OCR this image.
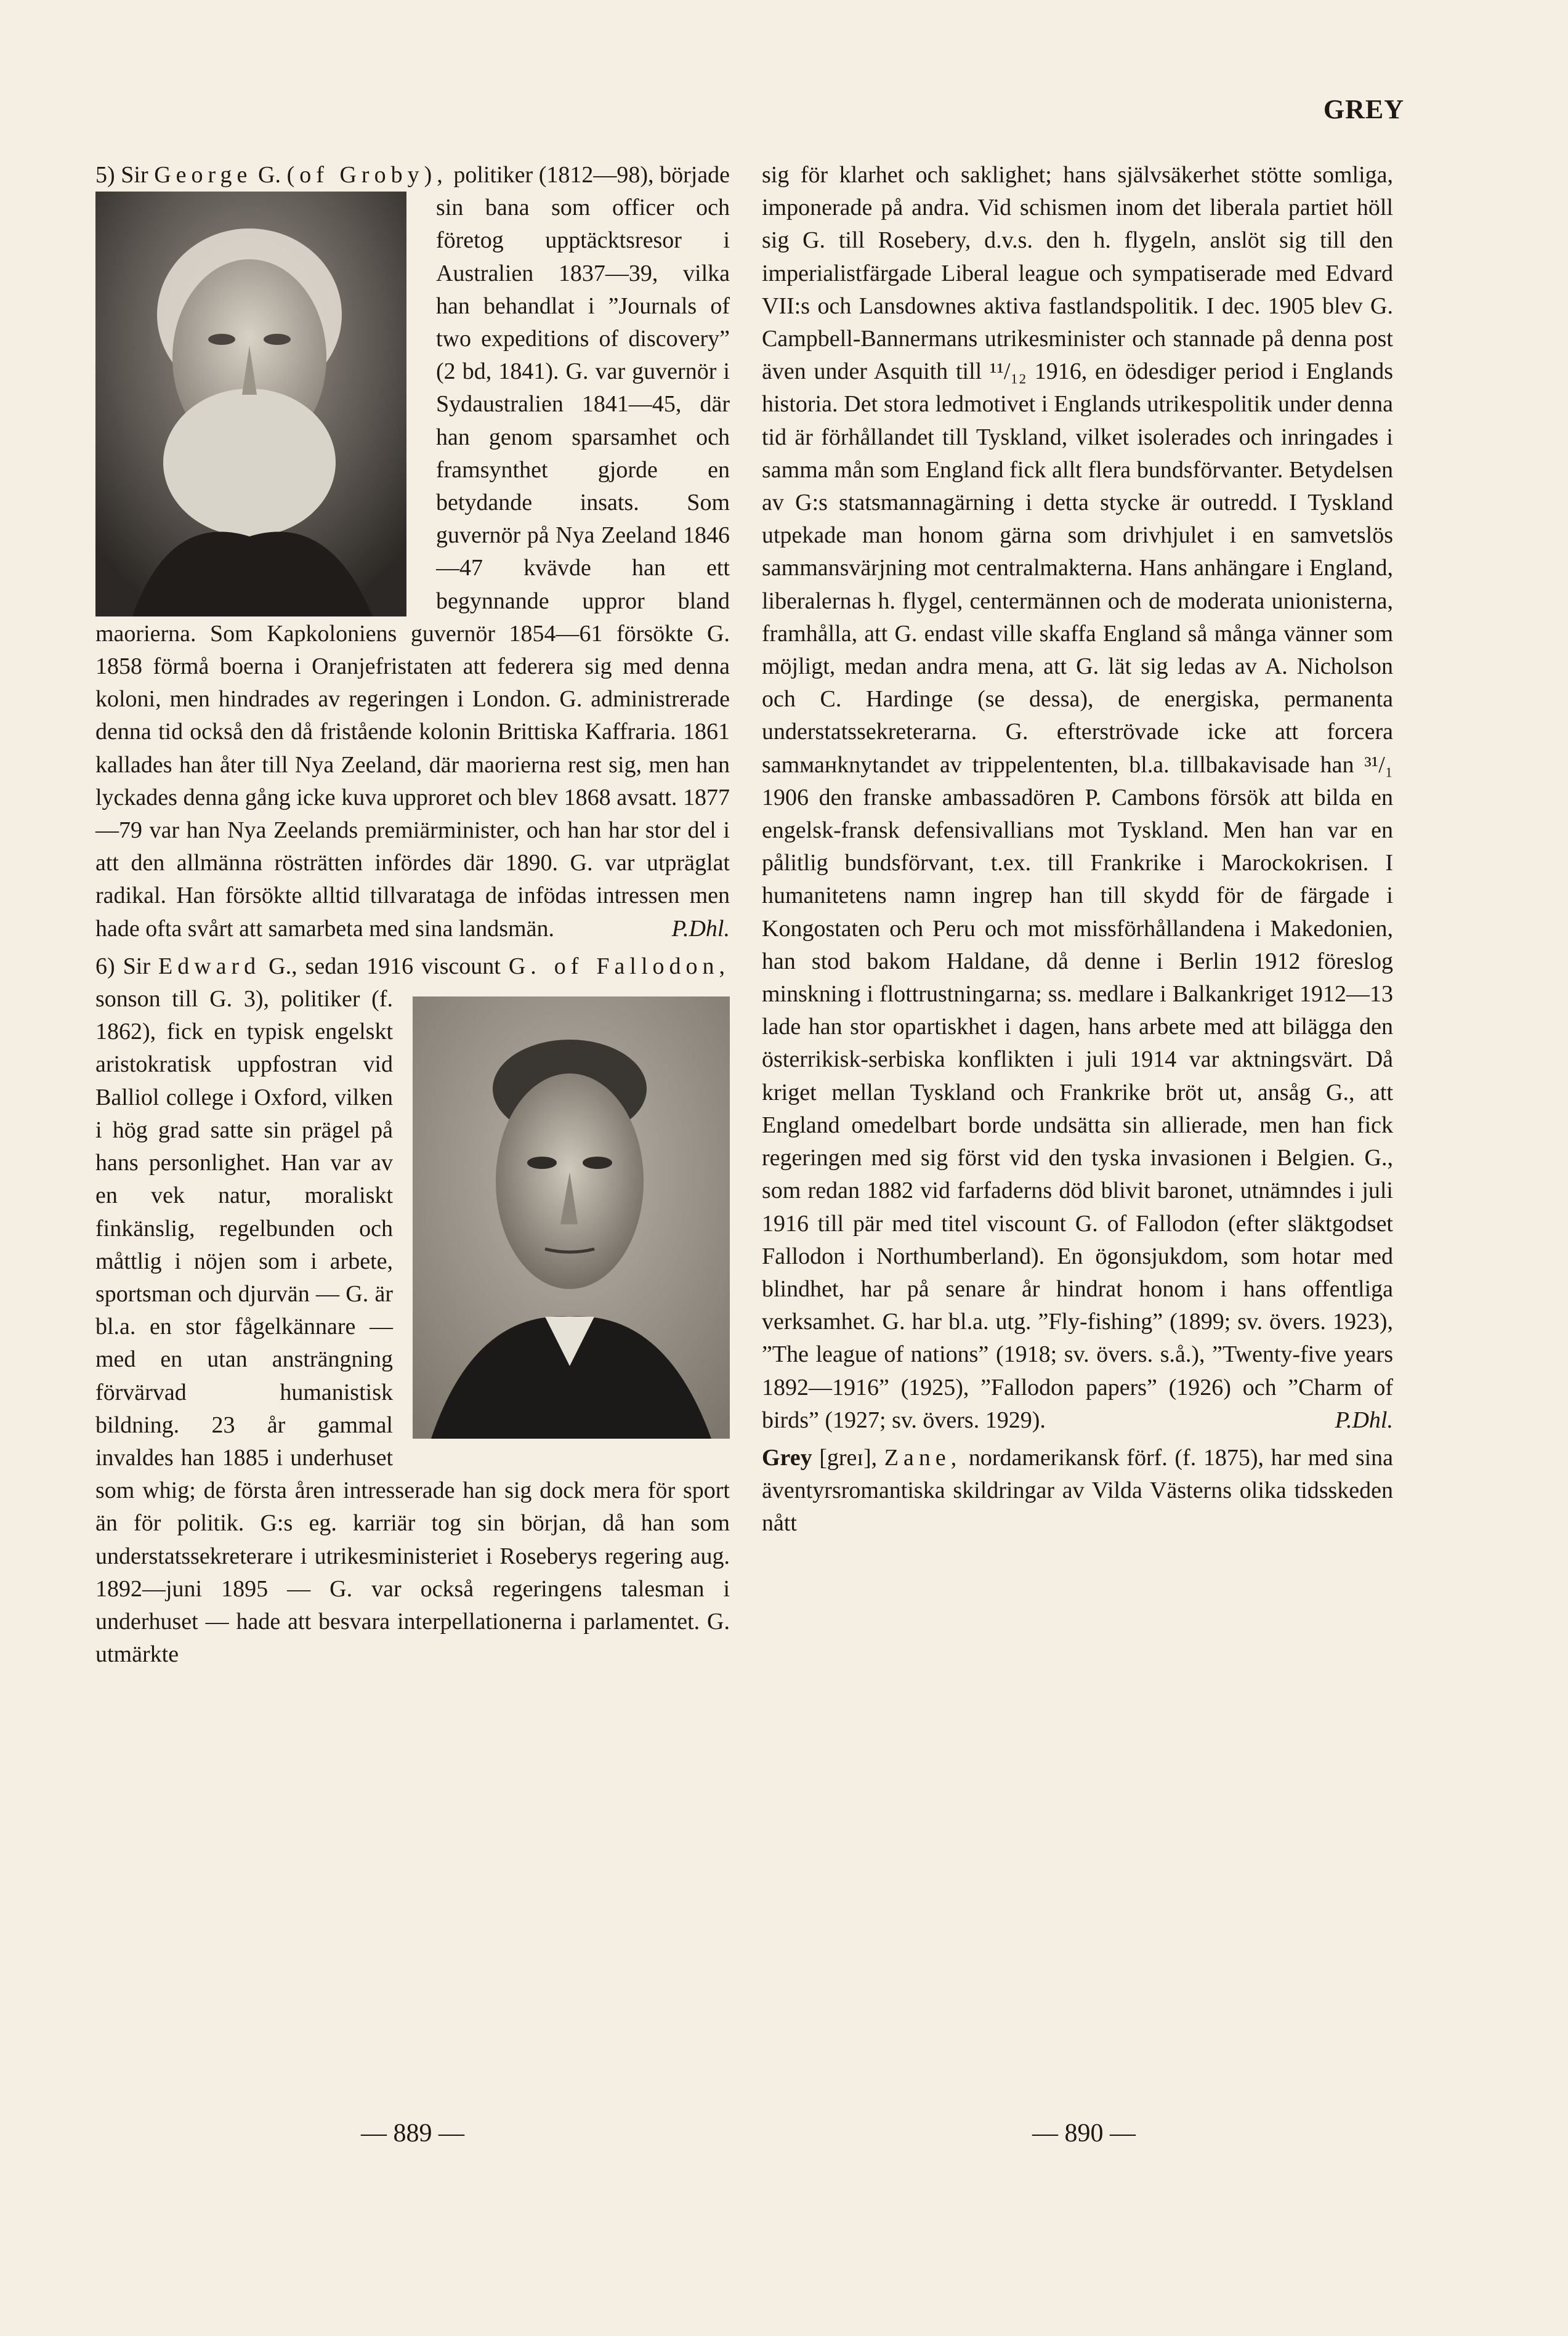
GREY

5) Sir George G. (of Groby), politiker (1812—98), började sin bana som officer och företog upptäcktsresor i Australien 1837—39, vilka han behandlat i ”Journals of two expeditions of discovery” (2 bd, 1841). G. var guvernör i Sydaustralien 1841—45, där han genom sparsamhet och framsynthet gjorde en betydande insats. Som guvernör på Nya Zeeland 1846—47 kvävde han ett begynnande uppror bland maorierna. Som Kapkoloniens guvernör 1854—61 försökte G. 1858 förmå boerna i Oranjefristaten att federera sig med denna koloni, men hindrades av regeringen i London. G. administrerade denna tid också den då fristående kolonin Brittiska Kaffraria. 1861 kallades han åter till Nya Zeeland, där maorierna rest sig, men han lyckades denna gång icke kuva upproret och blev 1868 avsatt. 1877—79 var han Nya Zeelands premiärminister, och han har stor del i att den allmänna rösträtten infördes där 1890. G. var utpräglat radikal. Han försökte alltid tillvarataga de infödas intressen men hade ofta svårt att samarbeta med sina landsmän.	P.Dhl.

6) Sir Edward G., sedan 1916 viscount G. of Fallodon,
sonson till G. 3), politiker (f. 1862), fick en typisk engelskt aristokratisk uppfostran vid Balliol college i Oxford, vilken i hög grad satte sin prägel på hans personlighet. Han var av en vek natur, moraliskt finkänslig, regelbunden och måttlig i nöjen som i arbete, sportsman och djurvän — G. är bl.a. en stor fågelkännare — med en utan ansträngning förvärvad humanistisk bildning. 23 år gammal invaldes han 1885 i underhuset som whig; de första åren intresserade han sig dock mera för sport än för politik. G:s eg. karriär tog sin början, då han som understatssekreterare i utrikesministeriet i Roseberys regering aug. 1892—juni 1895 — G. var också regeringens talesman i underhuset — hade att besvara interpellationerna i parlamentet. G. utmärkte

sig för klarhet och saklighet; hans självsäkerhet stötte somliga, imponerade på andra. Vid schismen inom det liberala partiet höll sig G. till Rosebery, d.v.s. den h. flygeln, anslöt sig till den imperialistfärgade Liberal league och sympatiserade med Edvard VII:s och Lansdownes aktiva fastlandspolitik. I dec. 1905 blev G. Campbell-Bannermans utrikesminister och stannade på denna post även under Asquith till ¹¹/₁₂ 1916, en ödesdiger period i Englands historia. Det stora ledmotivet i Englands utrikespolitik under denna tid är förhållandet till Tyskland, vilket isolerades och inringades i samma mån som England fick allt flera bundsförvanter. Betydelsen av G:s statsmannagärning i detta stycke är outredd. I Tyskland utpekade man honom gärna som drivhjulet i en samvetslös sammansvärjning mot centralmakterna. Hans anhängare i England, liberalernas h. flygel, centermännen och de moderata unionisterna, framhålla, att G. endast ville skaffa England så många vänner som möjligt, medan andra mena, att G. lät sig ledas av A. Nicholson och C. Hardinge (se dessa), de energiska, permanenta understatssekreterarna. G. efterströvade icke att forcera samманknytandet av trippelententen, bl.a. tillbakavisade han ³¹/₁ 1906 den franske ambassadören P. Cambons försök att bilda en engelsk-fransk defensivallians mot Tyskland. Men han var en pålitlig bundsförvant, t.ex. till Frankrike i Marockokrisen. I humanitetens namn ingrep han till skydd för de färgade i Kongostaten och Peru och mot missförhållandena i Makedonien, han stod bakom Haldane, då denne i Berlin 1912 föreslog minskning i flottrustningarna; ss. medlare i Balkankriget 1912—13 lade han stor opartiskhet i dagen, hans arbete med att bilägga den österrikisk-serbiska konflikten i juli 1914 var aktningsvärt. Då kriget mellan Tyskland och Frankrike bröt ut, ansåg G., att England omedelbart borde undsätta sin allierade, men han fick regeringen med sig först vid den tyska invasionen i Belgien. G., som redan 1882 vid farfaderns död blivit baronet, utnämndes i juli 1916 till pär med titel viscount G. of Fallodon (efter släktgodset Fallodon i Northumberland). En ögonsjukdom, som hotar med blindhet, har på senare år hindrat honom i hans offentliga verksamhet. G. har bl.a. utg. ”Fly-fishing” (1899; sv. övers. 1923), ”The league of nations” (1918; sv. övers. s.å.), ”Twenty-five years 1892—1916” (1925), ”Fallodon papers” (1926) och ”Charm of birds” (1927; sv. övers. 1929).	P.Dhl.

Grey [greɪ], Zane, nordamerikansk förf. (f. 1875), har med sina äventyrsromantiska skildringar av Vilda Västerns olika tidsskeden nått

— 889 —	— 890 —
